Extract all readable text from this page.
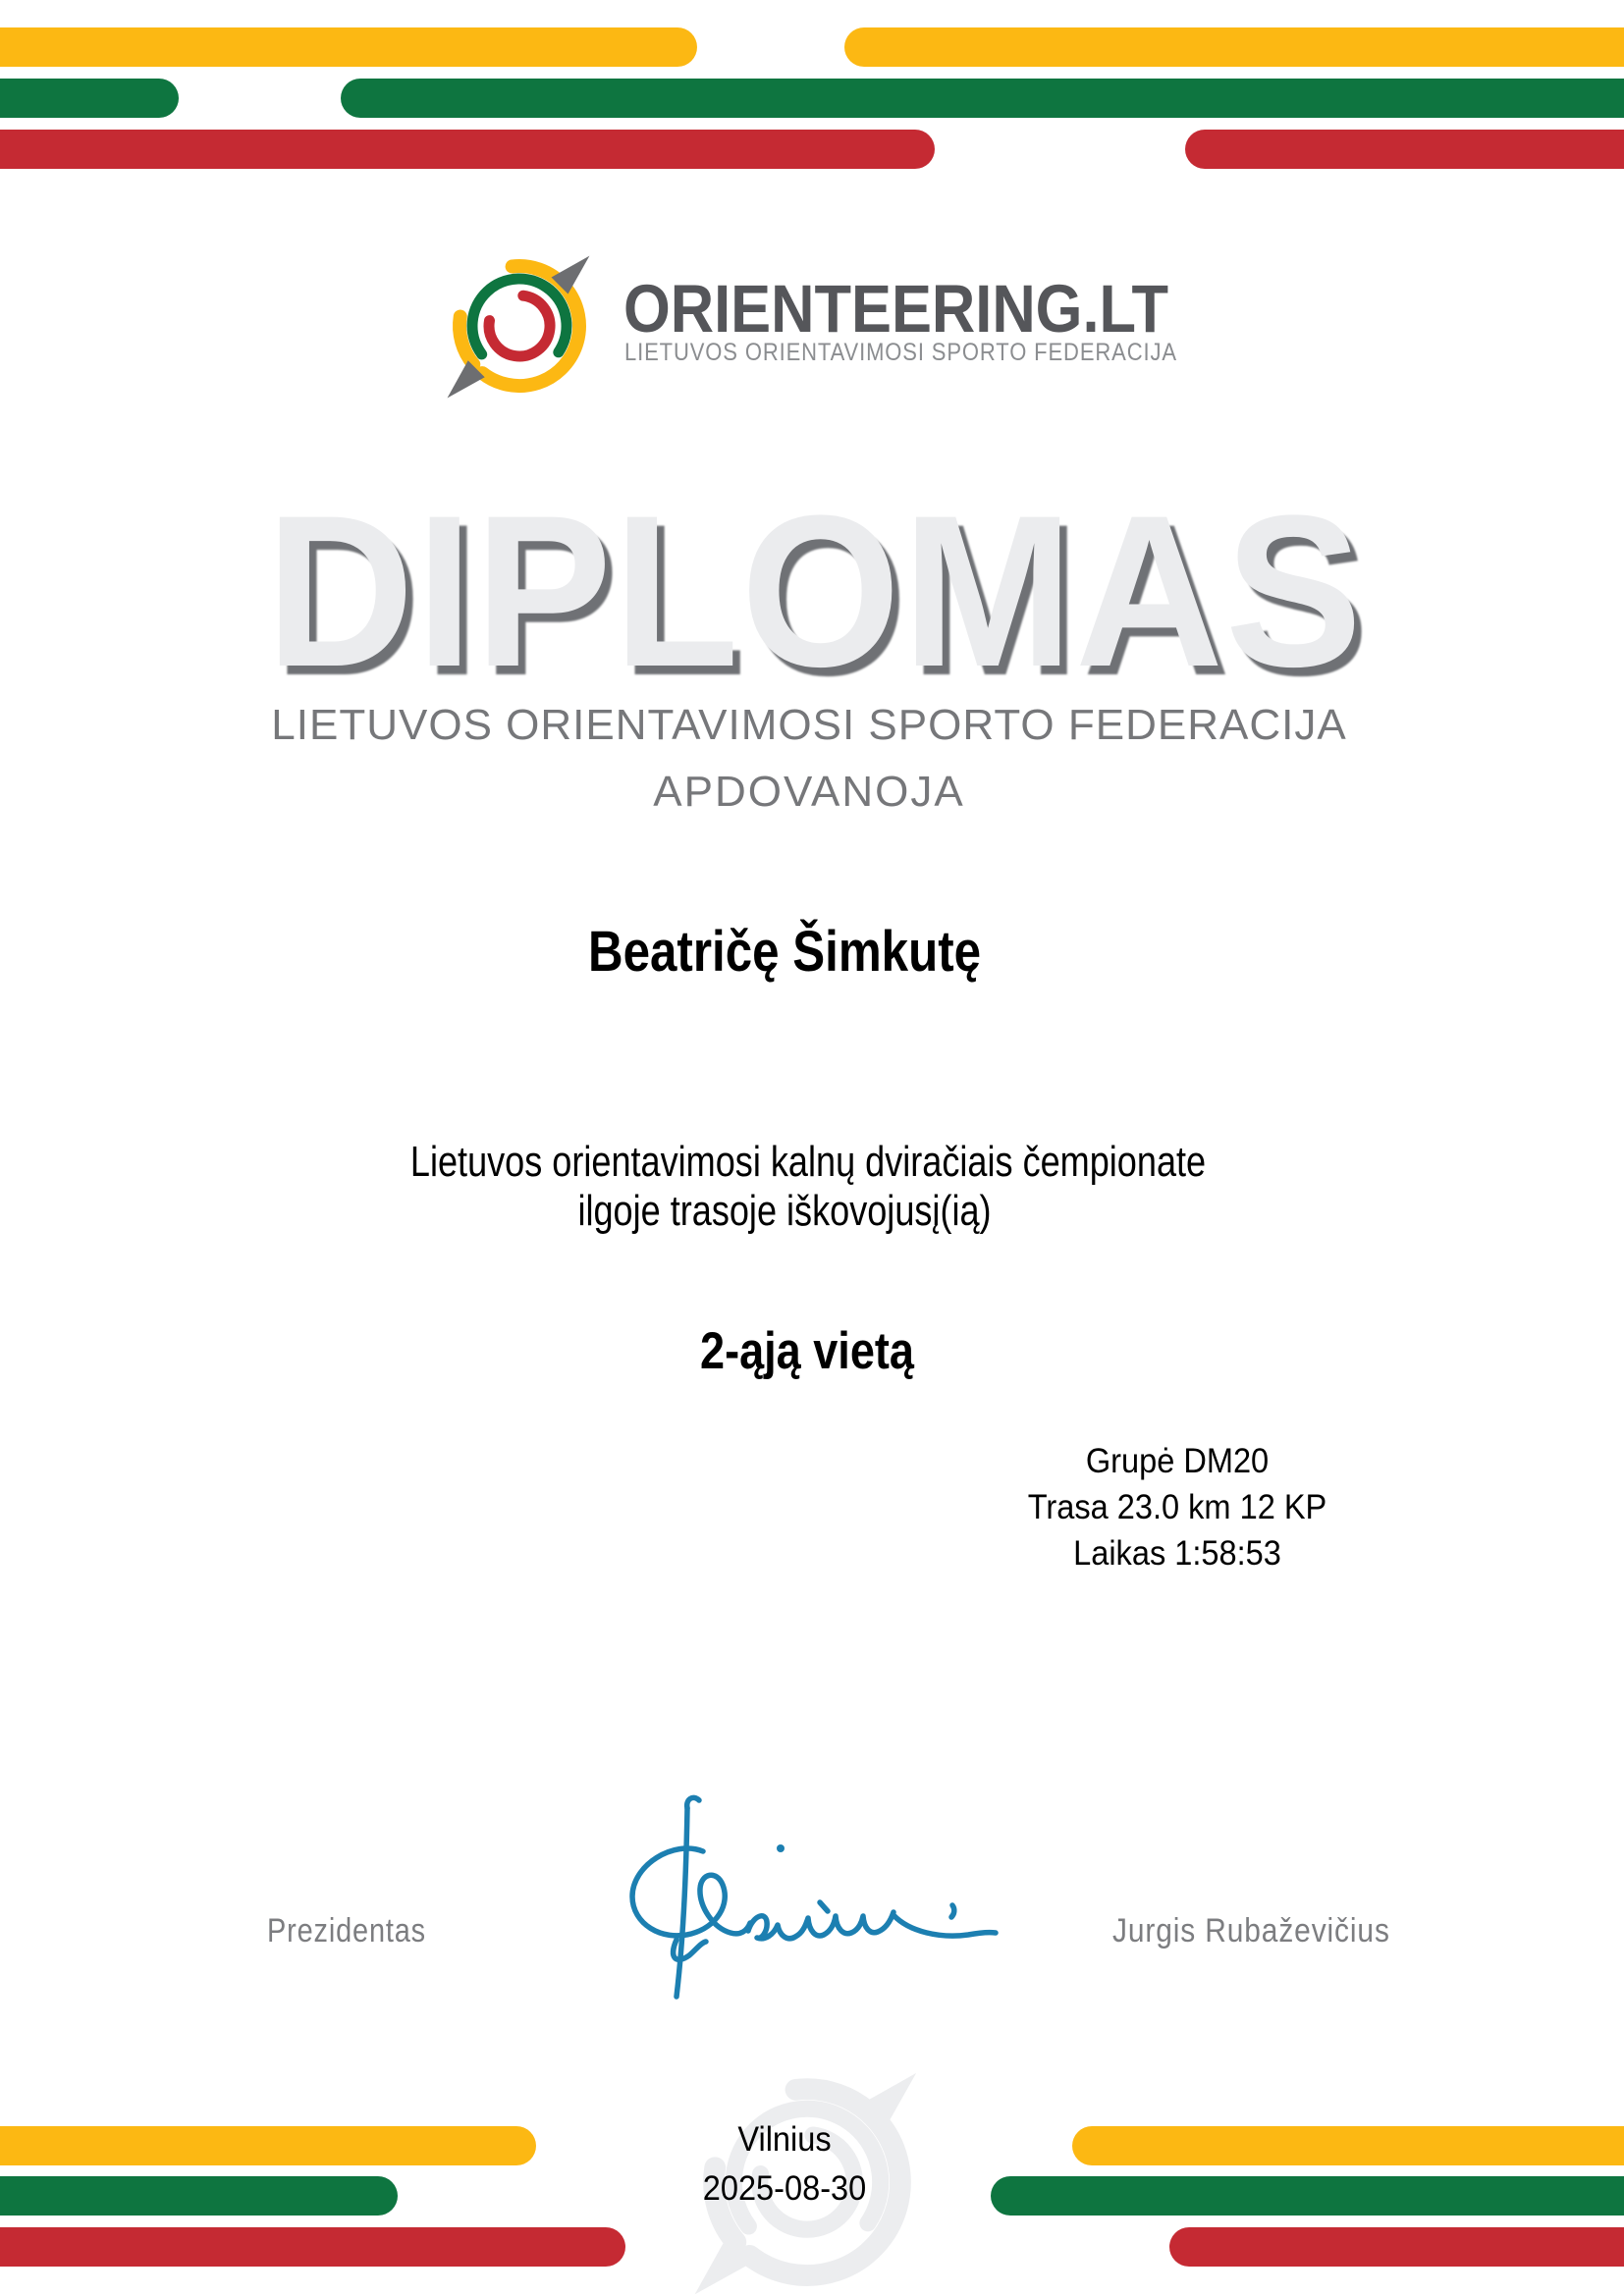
ORIENTEERING.LT
LIETUVOS ORIENTAVIMOSI SPORTO FEDERACIJA
DIPLOMAS
LIETUVOS ORIENTAVIMOSI SPORTO FEDERACIJA
APDOVANOJA
Beatričę Šimkutę
Lietuvos orientavimosi kalnų dviračiais čempionate
ilgoje trasoje iškovojusį(ią)
2-ąją vietą
Grupė DM20
Trasa 23.0 km 12 KP
Laikas 1:58:53
Prezidentas	Jurgis Rubaževičius
Vilnius
2025-08-30
